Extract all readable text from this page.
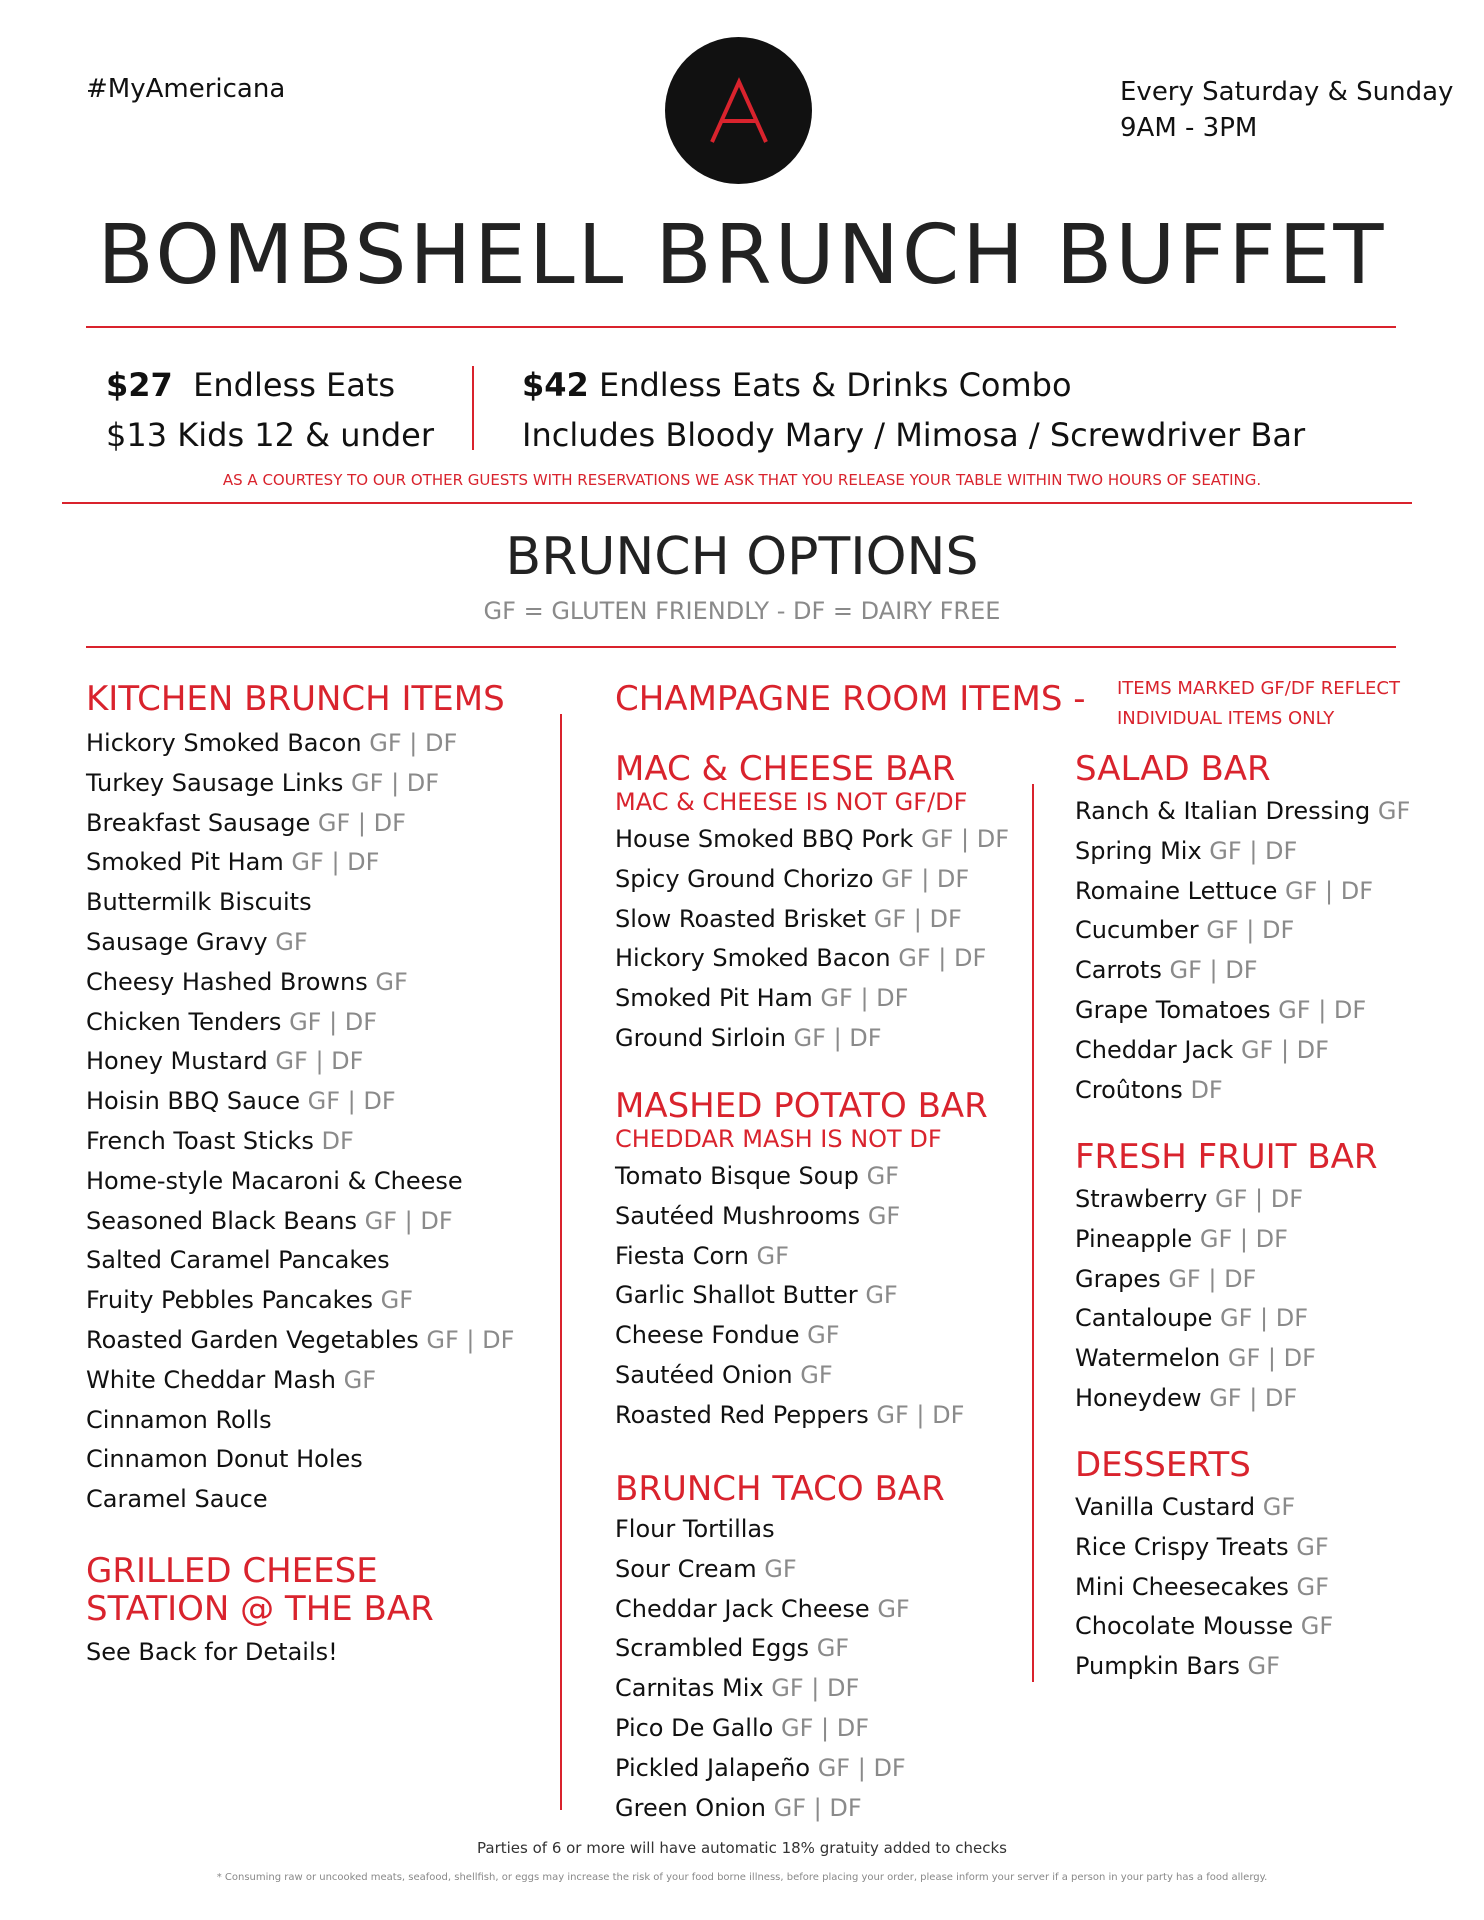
#MyAmericana	Every Saturday & Sunday
9AM - 3PM
BOMBSHELL BRUNCH BUFFET
$27 Endless Eats
$13 Kids 12 & under
$42 Endless Eats & Drinks Combo
Includes Bloody Mary / Mimosa / Screwdriver Bar
AS A COURTESY TO OUR OTHER GUESTS WITH RESERVATIONS WE ASK THAT YOU RELEASE YOUR TABLE WITHIN TWO HOURS OF SEATING.
BRUNCH OPTIONS
GF = GLUTEN FRIENDLY - DF = DAIRY FREE
KITCHEN BRUNCH ITEMS
Hickory Smoked Bacon GF | DF
Turkey Sausage Links GF | DF
Breakfast Sausage GF | DF
Smoked Pit Ham GF | DF
Buttermilk Biscuits
Sausage Gravy GF
Cheesy Hashed Browns GF
Chicken Tenders GF | DF
Honey Mustard GF | DF
Hoisin BBQ Sauce GF | DF
French Toast Sticks DF
Home-style Macaroni & Cheese
Seasoned Black Beans GF | DF
Salted Caramel Pancakes
Fruity Pebbles Pancakes GF
Roasted Garden Vegetables GF | DF
White Cheddar Mash GF
Cinnamon Rolls
Cinnamon Donut Holes
Caramel Sauce
GRILLED CHEESE
STATION @ THE BAR
See Back for Details!
CHAMPAGNE ROOM ITEMS - ITEMS MARKED GF/DF REFLECT
INDIVIDUAL ITEMS ONLY
MAC & CHEESE BAR
MAC & CHEESE IS NOT GF/DF
House Smoked BBQ Pork GF | DF
Spicy Ground Chorizo GF | DF
Slow Roasted Brisket GF | DF
Hickory Smoked Bacon GF | DF
Smoked Pit Ham GF | DF
Ground Sirloin GF | DF
MASHED POTATO BAR
CHEDDAR MASH IS NOT DF
Tomato Bisque Soup GF
Sautéed Mushrooms GF
Fiesta Corn GF
Garlic Shallot Butter GF
Cheese Fondue GF
Sautéed Onion GF
Roasted Red Peppers GF | DF
BRUNCH TACO BAR
Flour Tortillas
Sour Cream GF
Cheddar Jack Cheese GF
Scrambled Eggs GF
Carnitas Mix GF | DF
Pico De Gallo GF | DF
Pickled Jalapeño GF | DF
Green Onion GF | DF
SALAD BAR
Ranch & Italian Dressing GF
Spring Mix GF | DF
Romaine Lettuce GF | DF
Cucumber GF | DF
Carrots GF | DF
Grape Tomatoes GF | DF
Cheddar Jack GF | DF
Croûtons DF
FRESH FRUIT BAR
Strawberry GF | DF
Pineapple GF | DF
Grapes GF | DF
Cantaloupe GF | DF
Watermelon GF | DF
Honeydew GF | DF
DESSERTS
Vanilla Custard GF
Rice Crispy Treats GF
Mini Cheesecakes GF
Chocolate Mousse GF
Pumpkin Bars GF
Parties of 6 or more will have automatic 18% gratuity added to checks
* Consuming raw or uncooked meats, seafood, shellfish, or eggs may increase the risk of your food borne illness, before placing your order, please inform your server if a person in your party has a food allergy.
